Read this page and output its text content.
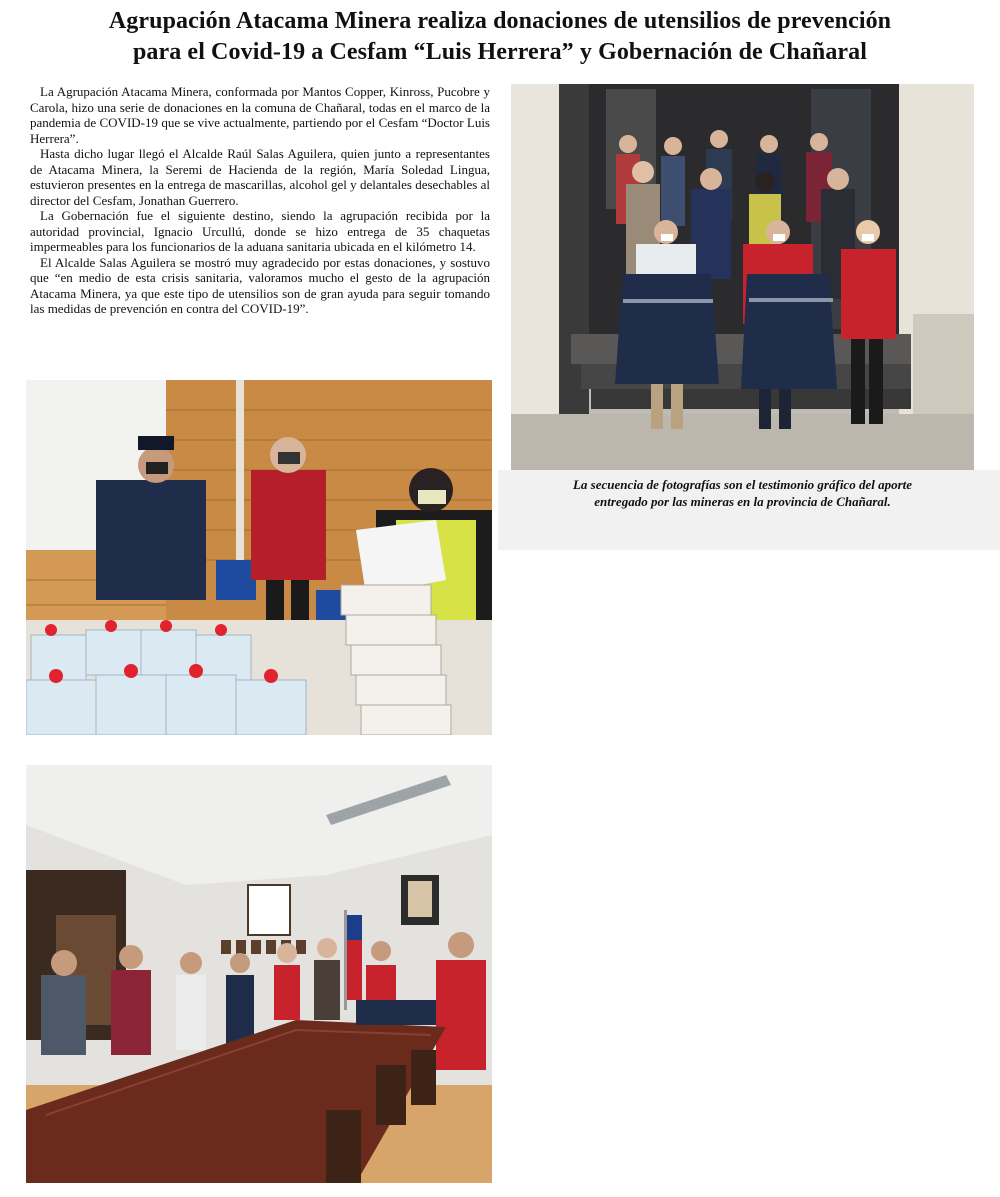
Agrupación Atacama Minera realiza donaciones de utensilios de prevención
para el Covid-19 a Cesfam “Luis Herrera” y Gobernación de Chañaral

La Agrupación Atacama Minera, conformada por Mantos Copper, Kinross, Pucobre y Carola, hizo una serie de donaciones en la comuna de Chañaral, todas en el marco de la pandemia de COVID-19 que se vive actualmente, partiendo por el Cesfam “Doctor Luis Herrera”.

Hasta dicho lugar llegó el Alcalde Raúl Salas Aguilera, quien junto a representantes de Atacama Minera, la Seremi de Hacienda de la región, María Soledad Lingua, estuvieron presentes en la entrega de mascarillas, alcohol gel y delantales desechables al director del Cesfam, Jonathan Guerrero.

La Gobernación fue el siguiente destino, siendo la agrupación recibida por la autoridad provincial, Ignacio Urcullú, donde se hizo entrega de 35 chaquetas impermeables para los funcionarios de la aduana sanitaria ubicada en el kilómetro 14.

El Alcalde Salas Aguilera se mostró muy agradecido por estas donaciones, y sostuvo que “en medio de esta crisis sanitaria, valoramos mucho el gesto de la agrupación Atacama Minera, ya que este tipo de utensilios son de gran ayuda para seguir tomando las medidas de prevención en contra del COVID-19”.

La secuencia de fotografías son el testimonio gráfico del aporte
entregado por las mineras en la provincia de Chañaral.
